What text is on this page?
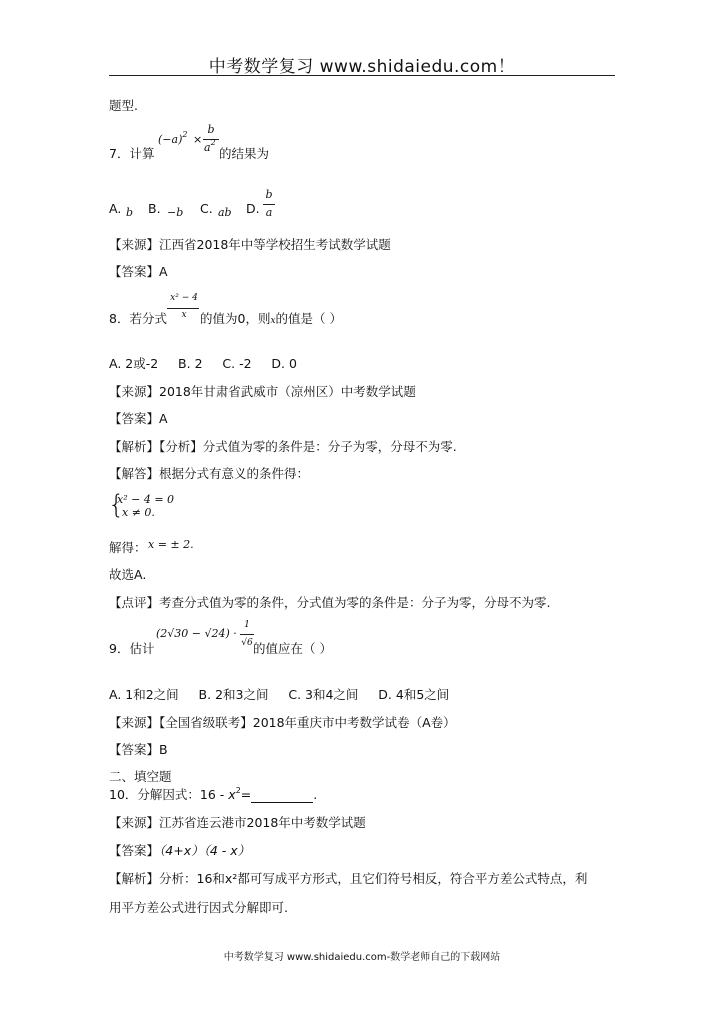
中考数学复习 www.shidaiedu.com！
题型.
7．计算
$(-a)^2$ ×
b
$a^2$
的结果为
A. b B. −b C. ab D.
b
a
【来源】江西省2018年中等学校招生考试数学试题
【答案】A
x² − 4
x
8．若分式	的值为0，则x的值是（ ）
A. 2或-2     B. 2     C. -2     D. 0
【来源】2018年甘肃省武威市（凉州区）中考数学试题
【答案】A
【解析】【分析】分式值为零的条件是：分子为零，分母不为零.
【解答】根据分式有意义的条件得：
{
x² − 4 = 0
x ≠ 0.
解得： x = ± 2.
故选A.
【点评】考查分式值为零的条件，分式值为零的条件是：分子为零，分母不为零.
9．估计
(2√30 − √24) ·
1
√6 的值应在（ ）
A. 1和2之间     B. 2和3之间     C. 3和4之间     D. 4和5之间
【来源】【全国省级联考】2018年重庆市中考数学试卷（A卷）
【答案】B
二、填空题
10．分解因式：$16 - x^2=$	.
【来源】江苏省连云港市2018年中考数学试题
【答案】（4+x）（4 - x）
【解析】分析：16和x²都可写成平方形式，且它们符号相反，符合平方差公式特点，利
用平方差公式进行因式分解即可.
中考数学复习 www.shidaiedu.com-数学老师自己的下载网站
